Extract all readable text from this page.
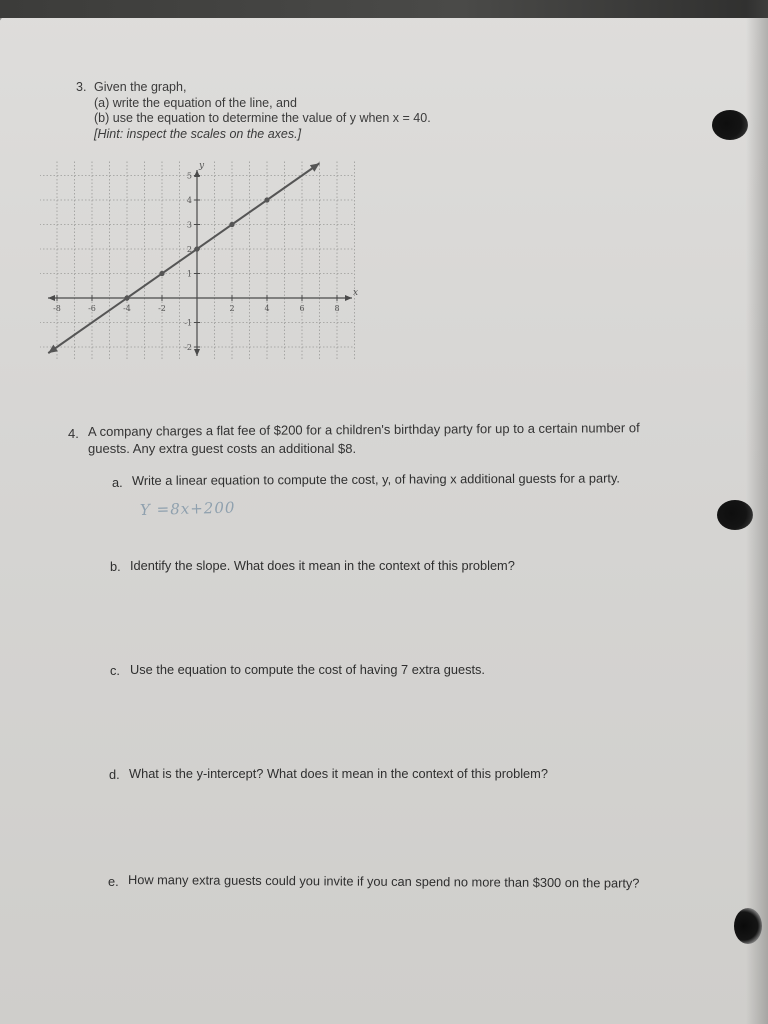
3. Given the graph,
(a) write the equation of the line, and
(b) use the equation to determine the value of y when x = 40.
[Hint: inspect the scales on the axes.]
x
y
-8	-6	-4	-2	2	4	6	8
5
4
3
2
1
-1
-2
4. A company charges a flat fee of $200 for a children's birthday party for up to a certain number of
guests. Any extra guest costs an additional $8.
a. Write a linear equation to compute the cost, y, of having x additional guests for a party.
Y =8x+200
b. Identify the slope. What does it mean in the context of this problem?
c. Use the equation to compute the cost of having 7 extra guests.
d. What is the y-intercept? What does it mean in the context of this problem?
e. How many extra guests could you invite if you can spend no more than $300 on the party?
